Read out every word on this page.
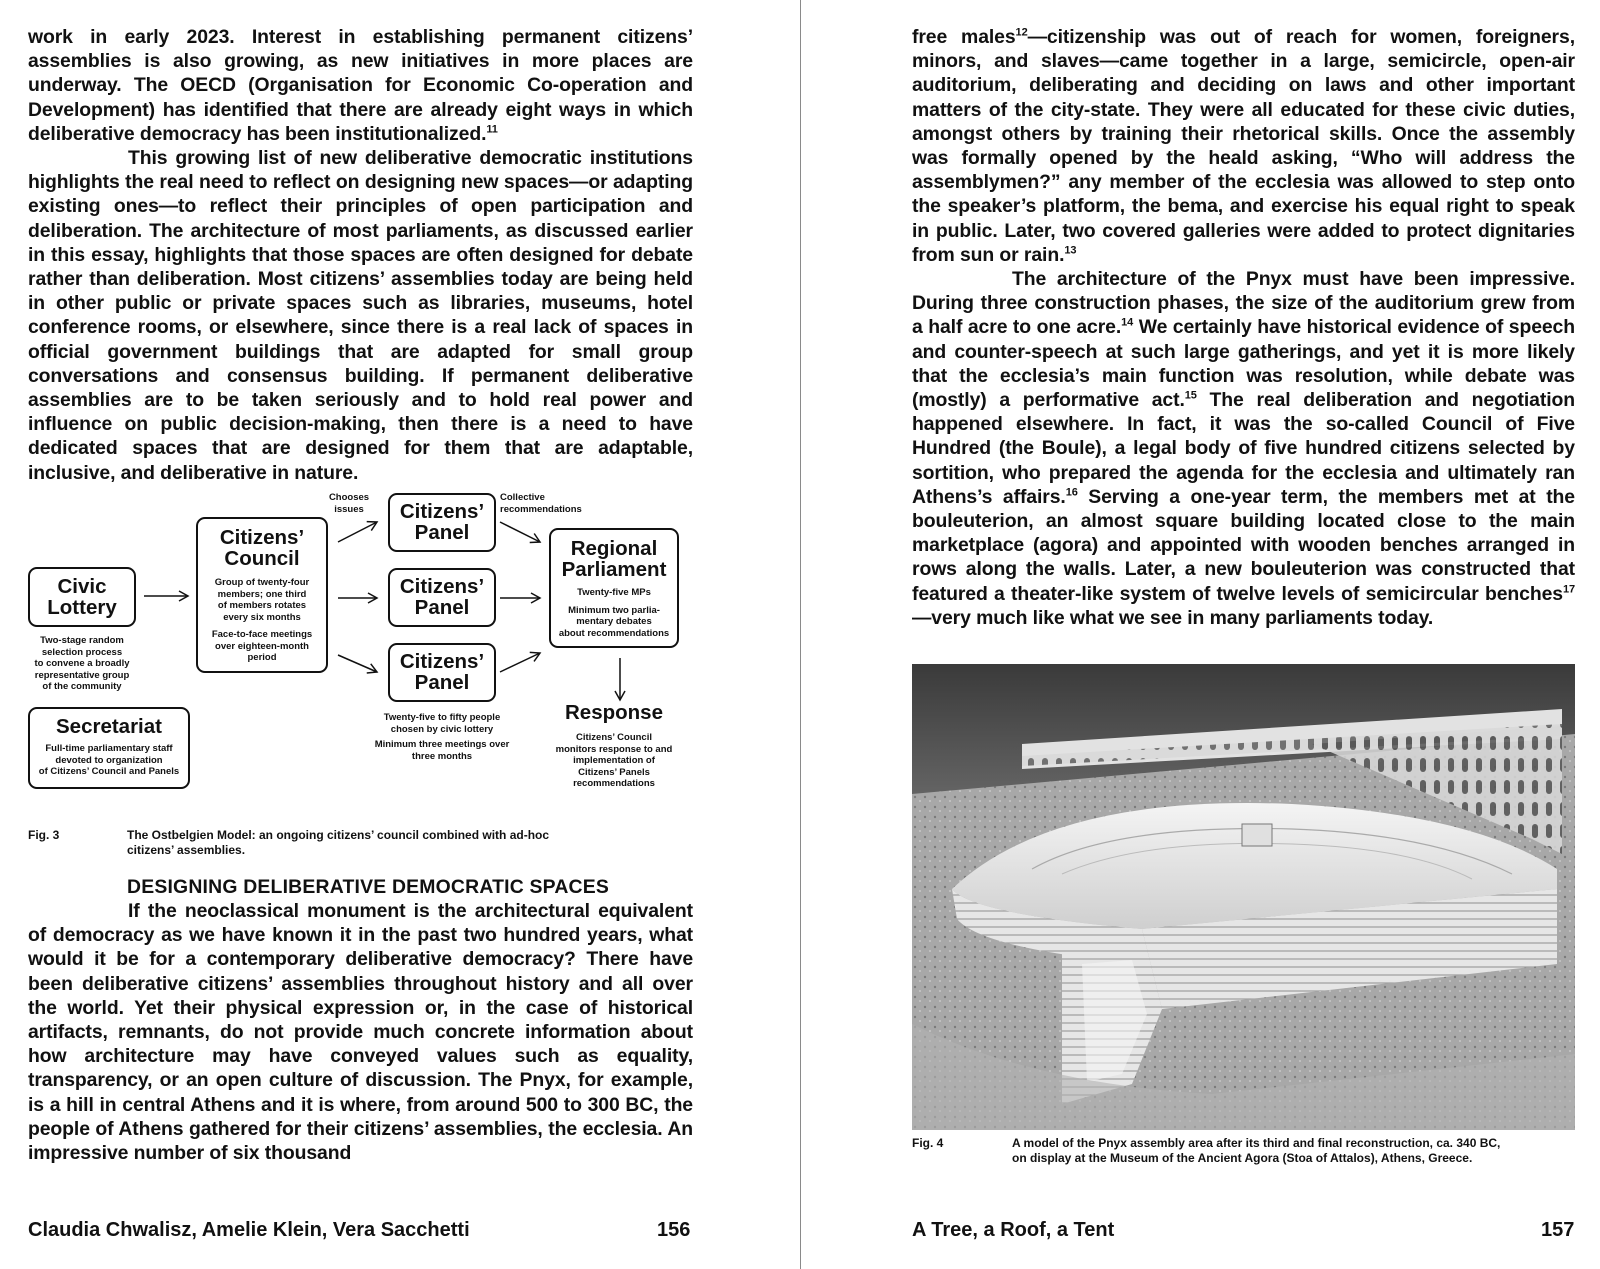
work in early 2023. Interest in establishing permanent citizens’ assemblies is also growing, as new initiatives in more places are underway. The OECD (Organisation for Economic Co-operation and Development) has identified that there are already eight ways in which deliberative democracy has been institutionalized.$^{11}$

This growing list of new deliberative democratic institutions highlights the real need to reflect on designing new spaces—or adapting existing ones—to reflect their principles of open participation and deliberation. The architecture of most parliaments, as discussed earlier in this essay, highlights that those spaces are often designed for debate rather than deliberation. Most citizens’ assemblies today are being held in other public or private spaces such as libraries, museums, hotel conference rooms, or elsewhere, since there is a real lack of spaces in official government buildings that are adapted for small group conversations and consensus building. If permanent deliberative assemblies are to be taken seriously and to hold real power and influence on public decision-making, then there is a need to have dedicated spaces that are designed for them that are adaptable, inclusive, and deliberative in nature.

Civic
Lottery
Two-stage random
selection process
to convene a broadly
representative group
of the community
Citizens’
Council
Group of twenty-four
members; one third
of members rotates
every six months
Face-to-face meetings
over eighteen-month
period
Chooses
issues	Citizens’
Panel
Citizens’
Panel
Citizens’
Panel
Twenty-five to fifty people
chosen by civic lottery
Minimum three meetings over
three months
Collective
recommendations
Regional
Parliament
Twenty-five MPs
Minimum two parlia-
mentary debates
about recommendations
Response
Citizens’ Council
monitors response to and
implementation of
Citizens’ Panels
recommendations
Secretariat
Full-time parliamentary staff
devoted to organization
of Citizens’ Council and Panels
Fig. 3	The Ostbelgien Model: an ongoing citizens’ council combined with ad-hoc
citizens’ assemblies.
DESIGNING DELIBERATIVE DEMOCRATIC SPACES

If the neoclassical monument is the architectural equivalent of democracy as we have known it in the past two hundred years, what would it be for a contemporary deliberative democracy? There have been deliberative citizens’ assemblies throughout history and all over the world. Yet their physical expression or, in the case of historical artifacts, remnants, do not provide much concrete information about how architecture may have conveyed values such as equality, transparency, or an open culture of discussion. The Pnyx, for example, is a hill in central Athens and it is where, from around 500 to 300 BC, the people of Athens gathered for their citizens’ assemblies, the ecclesia. An impressive number of six thousand

Claudia Chwalisz, Amelie Klein, Vera Sacchetti	156

free males$^{12}$—citizenship was out of reach for women, foreigners, minors, and slaves—came together in a large, semicircle, open-air auditorium, deliberating and deciding on laws and other important matters of the city-state. They were all educated for these civic duties, amongst others by training their rhetorical skills. Once the assembly was formally opened by the heald asking, “Who will address the assemblymen?” any member of the ecclesia was allowed to step onto the speaker’s platform, the bema, and exercise his equal right to speak in public. Later, two covered galleries were added to protect dignitaries from sun or rain.$^{13}$

The architecture of the Pnyx must have been impressive. During three construction phases, the size of the auditorium grew from a half acre to one acre.$^{14}$ We certainly have historical evidence of speech and counter-speech at such large gatherings, and yet it is more likely that the ecclesia’s main function was resolution, while debate was (mostly) a performative act.$^{15}$ The real deliberation and negotiation happened elsewhere. In fact, it was the so-called Council of Five Hundred (the Boule), a legal body of five hundred citizens selected by sortition, who prepared the agenda for the ecclesia and ultimately ran Athens’s affairs.$^{16}$ Serving a one-year term, the members met at the bouleuterion, an almost square building located close to the main marketplace (agora) and appointed with wooden benches arranged in rows along the walls. Later, a new bouleuterion was constructed that featured a theater-like system of twelve levels of semicircular benches$^{17}$—very much like what we see in many parliaments today.

Fig. 4	A model of the Pnyx assembly area after its third and final reconstruction, ca. 340 BC,
on display at the Museum of the Ancient Agora (Stoa of Attalos), Athens, Greece.
A Tree, a Roof, a Tent	157
